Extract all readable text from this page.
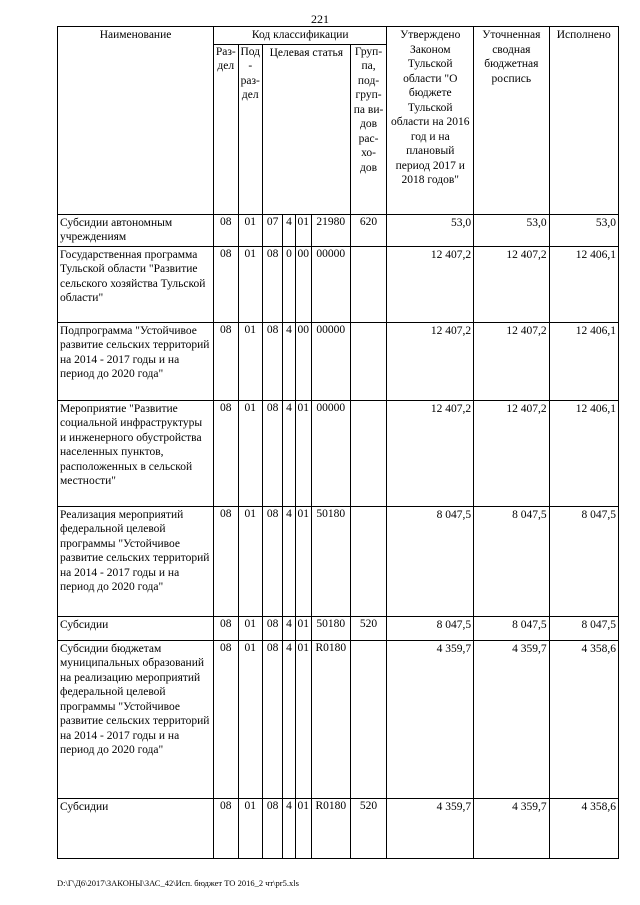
221
Наименование	Код классификации							Утверждено Законом Тульской области "О бюджете Тульской области на 2016 год и на плановый период 2017 и 2018 годов"	Уточненная сводная бюджетная роспись	Исполнено
	Раз- дел	Под- раз- дел	Целевая статья				Груп- па, под- груп- па ви- дов рас- хо- дов			
Субсидии автономным учреждениям	08	01	07	4	01	21980	620	53,0	53,0	53,0
Государственная программа Тульской области "Развитие сельского хозяйства Тульской области"	08	01	08	0	00	00000		12 407,2	12 407,2	12 406,1
Подпрограмма "Устойчивое развитие сельских территорий на 2014 - 2017 годы и на период до 2020 года"	08	01	08	4	00	00000		12 407,2	12 407,2	12 406,1
Мероприятие "Развитие социальной инфраструктуры и инженерного обустройства населенных пунктов, расположенных в сельской местности"	08	01	08	4	01	00000		12 407,2	12 407,2	12 406,1
Реализация мероприятий федеральной целевой программы "Устойчивое развитие сельских территорий на 2014 - 2017 годы и на период до 2020 года"	08	01	08	4	01	50180		8 047,5	8 047,5	8 047,5
Субсидии	08	01	08	4	01	50180	520	8 047,5	8 047,5	8 047,5
Субсидии бюджетам муниципальных образований на реализацию мероприятий федеральной целевой программы "Устойчивое развитие сельских территорий на 2014 - 2017 годы и на период до 2020 года"	08	01	08	4	01	R0180		4 359,7	4 359,7	4 358,6
Субсидии	08	01	08	4	01	R0180	520	4 359,7	4 359,7	4 358,6
D:\Г\Д6\2017\ЗАКОНЫ\ЗАС_42\Исп. бюджет ТО 2016_2 чт\pr5.xls
